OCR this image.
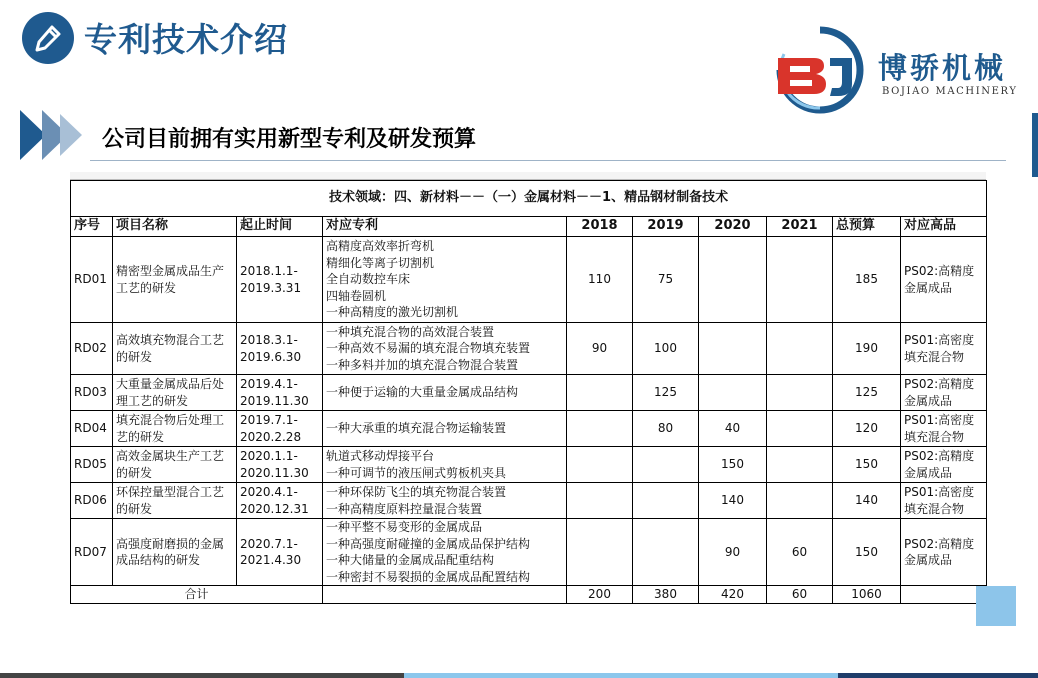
专利技术介绍
博骄机械
BOJIAO MACHINERY
公司目前拥有实用新型专利及研发预算
技术领域：四、新材料－－（一）金属材料－－1、精品钢材制备技术									
序号	项目名称	起止时间	对应专利	2018	2019	2020	2021	总预算	对应高品
RD01	精密型金属成品生产工艺的研发	2018.1.1-2019.3.31	高精度高效率折弯机
精细化等离子切割机
全自动数控车床
四轴卷圆机
一种高精度的激光切割机	110	75			185	PS02:高精度金属成品
RD02	高效填充物混合工艺的研发	2018.3.1-2019.6.30	一种填充混合物的高效混合装置
一种高效不易漏的填充混合物填充装置
一种多料并加的填充混合物混合装置	90	100			190	PS01:高密度填充混合物
RD03	大重量金属成品后处理工艺的研发	2019.4.1-2019.11.30	一种便于运输的大重量金属成品结构		125			125	PS02:高精度金属成品
RD04	填充混合物后处理工艺的研发	2019.7.1-2020.2.28	一种大承重的填充混合物运输装置		80	40		120	PS01:高密度填充混合物
RD05	高效金属块生产工艺的研发	2020.1.1-2020.11.30	轨道式移动焊接平台
一种可调节的液压闸式剪板机夹具			150		150	PS02:高精度金属成品
RD06	环保控量型混合工艺的研发	2020.4.1-2020.12.31	一种环保防飞尘的填充物混合装置
一种高精度原料控量混合装置			140		140	PS01:高密度填充混合物
RD07	高强度耐磨损的金属成品结构的研发	2020.7.1-2021.4.30	一种平整不易变形的金属成品
一种高强度耐碰撞的金属成品保护结构
一种大储量的金属成品配重结构
一种密封不易裂损的金属成品配置结构			90	60	150	PS02:高精度金属成品
合计				200	380	420	60	1060	
